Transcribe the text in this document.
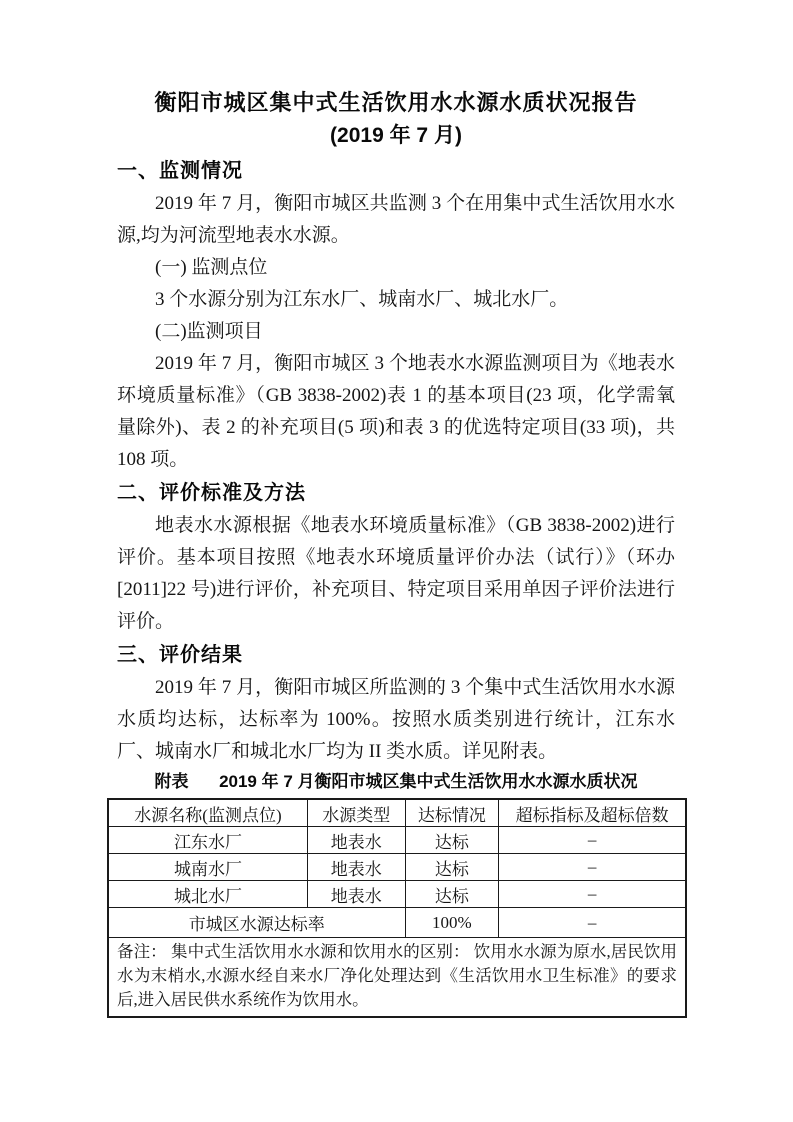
衡阳市城区集中式生活饮用水水源水质状况报告
(2019 年 7 月)
一、监测情况

2019 年 7 月，衡阳市城区共监测 3 个在用集中式生活饮用水水源,均为河流型地表水水源。

(一) 监测点位
3 个水源分别为江东水厂、城南水厂、城北水厂。
(二)监测项目

2019 年 7 月，衡阳市城区 3 个地表水水源监测项目为《地表水环境质量标准》（GB 3838-2002)表 1 的基本项目(23 项，化学需氧量除外)、表 2 的补充项目(5 项)和表 3 的优选特定项目(33 项)，共 108 项。

二、评价标准及方法

地表水水源根据《地表水环境质量标准》（GB 3838-2002)进行评价。基本项目按照《地表水环境质量评价办法（试行）》（环办[2011]22 号)进行评价，补充项目、特定项目采用单因子评价法进行评价。

三、评价结果

2019 年 7 月，衡阳市城区所监测的 3 个集中式生活饮用水水源水质均达标，达标率为 100%。按照水质类别进行统计，江东水厂、城南水厂和城北水厂均为 II 类水质。详见附表。

附表 2019 年 7 月衡阳市城区集中式生活饮用水水源水质状况
水源名称(监测点位)	水源类型	达标情况	超标指标及超标倍数
江东水厂	地表水	达标	–
城南水厂	地表水	达标	–
城北水厂	地表水	达标	–
市城区水源达标率		100%	–
备注： 集中式生活饮用水水源和饮用水的区别： 饮用水水源为原水,居民饮用水为末梢水,水源水经自来水厂净化处理达到《生活饮用水卫生标准》的要求后,进入居民供水系统作为饮用水。			
